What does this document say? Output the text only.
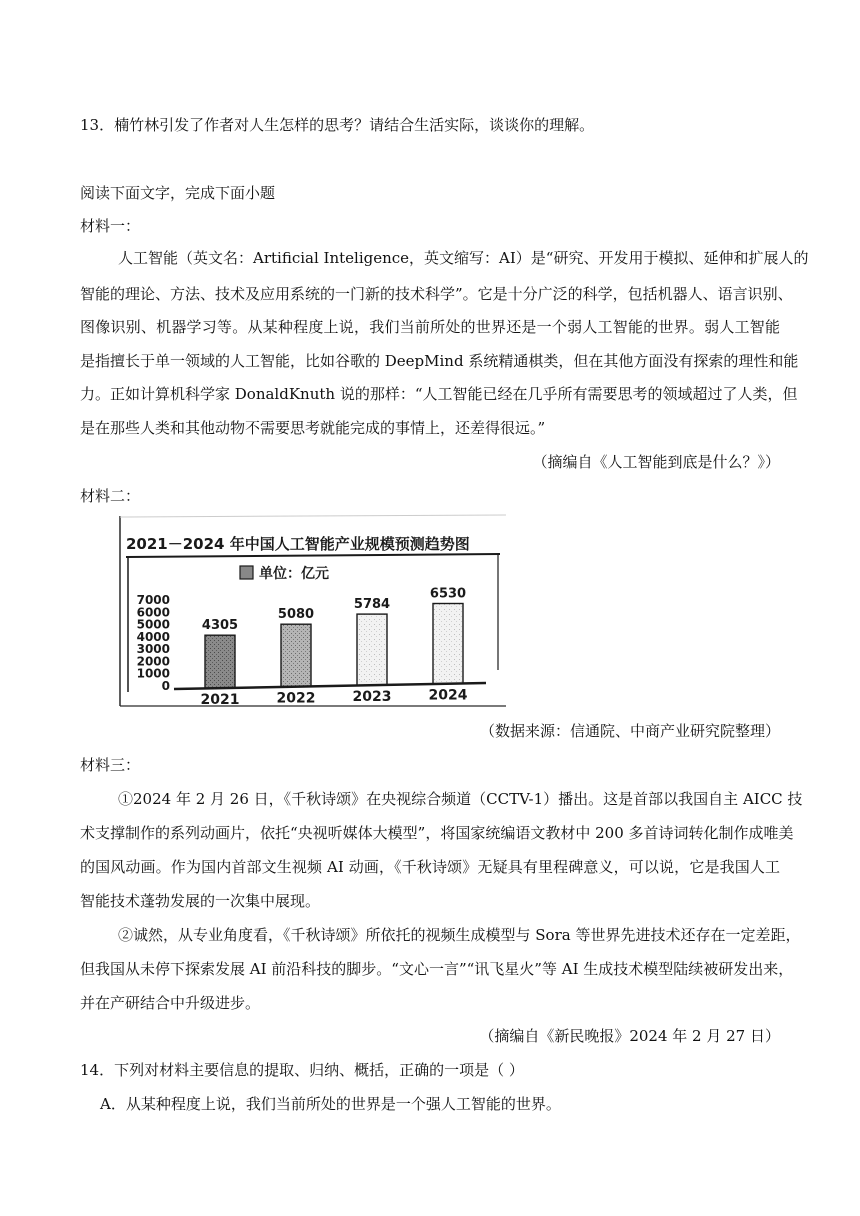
13．楠竹林引发了作者对人生怎样的思考？请结合生活实际，谈谈你的理解。
阅读下面文字，完成下面小题
材料一：
人工智能（英文名：Artificial Inteligence，英文缩写：AI）是“研究、开发用于模拟、延伸和扩展人的
智能的理论、方法、技术及应用系统的一门新的技术科学”。它是十分广泛的科学，包括机器人、语言识别、
图像识别、机器学习等。从某种程度上说，我们当前所处的世界还是一个弱人工智能的世界。弱人工智能
是指擅长于单一领域的人工智能，比如谷歌的 DeepMind 系统精通棋类，但在其他方面没有探索的理性和能
力。正如计算机科学家 DonaldKnuth 说的那样：“人工智能已经在几乎所有需要思考的领域超过了人类，但
是在那些人类和其他动物不需要思考就能完成的事情上，还差得很远。”
（摘编自《人工智能到底是什么？》）
材料二：
2021－2024 年中国人工智能产业规模预测趋势图
单位：亿元
7000
6000
5000
4000
3000
2000
1000
0
4305
5080
5784
6530
2021	2022	2023	2024
（数据来源：信通院、中商产业研究院整理）
材料三：
①2024 年 2 月 26 日，《千秋诗颂》在央视综合频道（CCTV-1）播出。这是首部以我国自主 AICC 技
术支撑制作的系列动画片，依托“央视听媒体大模型”，将国家统编语文教材中 200 多首诗词转化制作成唯美
的国风动画。作为国内首部文生视频 AI 动画，《千秋诗颂》无疑具有里程碑意义，可以说，它是我国人工
智能技术蓬勃发展的一次集中展现。
②诚然，从专业角度看，《千秋诗颂》所依托的视频生成模型与 Sora 等世界先进技术还存在一定差距，
但我国从未停下探索发展 AI 前沿科技的脚步。“文心一言”“讯飞星火”等 AI 生成技术模型陆续被研发出来，
并在产研结合中升级进步。
（摘编自《新民晚报》2024 年 2 月 27 日）
14．下列对材料主要信息的提取、归纳、概括，正确的一项是（ ）
A．从某种程度上说，我们当前所处的世界是一个强人工智能的世界。
